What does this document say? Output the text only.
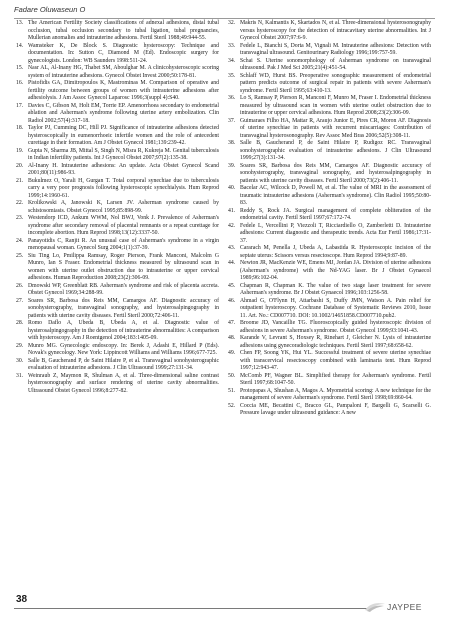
Fadare Oluwaseun O

13. The American Fertility Society classifications of adnexal adhesions, distal tubal occlusion, tubal occlusion secondary to tubal ligation, tubal pregnancies, Mullerian anomalies and intrauterine adhesions. Fertil Steril 1988;49:944-55.

14. Wamsteker K, De Block S. Diagnostic hysteroscopy: Technique and documentation. In: Sutton C, Diamond M (Ed). Endoscopic surgery for gynecologists. London: WB Saunders 1998:511-24.

15. Nasr AL, Al-Inany HG, Thabet SM, Aboulghar M. A clinicohysteroscopic scoring system of intrauterine adhesions. Gynecol Obstet Invest 2000;50:178-81.

16. Pistofidis GA, Dimitropoulos K, Mastrominas M. Comparison of operative and fertility outcome between groups of women with intrauterine adhesions after adhesiolysis. J Am Assoc Gynecol Laparosc 1996;3(suppl 4):S40.

17. Davies C, Gibson M, Holt EM, Torrie EP. Amenorrhoea secondary to endometrial ablation and Asherman's syndrome following uterine artery embolization. Clin Radiol 2002;57(4):317-18.

18. Taylor PJ, Cumming DC, Hill PJ. Significance of intrauterine adhesions detected hysteroscopically in eumenorrhoeic infertile women and the role of antecedent curettage in their formation. Am J Obstet Gynecol 1981;139:239-42.

19. Gupta N, Sharma JB, Mittal S, Singh N, Misra R, Kukreja M. Genital tuberculosis in Indian infertility patients. Int J Gynecol Obstet 2007;97(2):135-38.

20. Al-Inany H. Intrauterine adhesions: An update. Acta Obstet Gynecol Scand 2001;80(11):986-93.

21. Bukulmez O, Yarali H, Gurgan T. Total corporal synechiae due to tuberculosis carry a very poor prognosis following hysteroscopic synechialysis. Hum Reprod 1999;14:1960-61.

22. Krolikowski A, Janowski K, Larsen JV. Asherman syndrome caused by schistosomiasis. Obstet Gynecol 1995;85:898-99.

23. Westendorp ICD, Ankum WWM, Nol BWJ, Vonk J. Prevalence of Asherman's syndrome after secondary removal of placental remnants or a repeat curettage for incomplete abortion. Hum Reprod 1998;13(12):3337-50.

24. Panayotidis C, Ranjit R. An unusual case of Asherman's syndrome in a virgin menopausal woman. Gynecol Surg 2004;1(1):37-39.

25. Siu Ting Lo, Pmilippa Ramsay, Roger Pierson, Frank Manconi, Malcolm G Munro, Ian S Fraser. Endometrial thickness measured by ultrasound scan in women with uterine outlet obstruction due to intrauterine or upper cervical adhesions. Human Reproduction 2008;23(2):306-09.

26. Dmowski WP, Greenblatt RB. Asherman's syndrome and risk of placenta accreta. Obstet Gynecol 1969;34:288-99.

27. Soares SR, Barbosa dos Reis MM, Camargos AF. Diagnostic accuracy of sonohysterography, transvaginal sonography, and hysterosalpingography in patients with uterine cavity diseases. Fertil Steril 2000;72:406-11.

28. Romo Daflo A, Ubeda B, Ubeda A, et al. Diagnostic value of hysterosalpingography in the detection of intrauterine abnormalities: A comparison with hysteroscopy. Am J Roentgenol 2004;183:1405-09.

29. Munro MG. Gynecologic endoscopy. In: Berek J, Adashi E, Hillard P (Eds). Novak's gynecology. New York: Lippincott Williams and Williams 1996;677-725.

30. Salle B, Gaucherand P, de Saint Hilaire P, et al. Transvaginal sonohysterographic evaluation of intrauterine adhesions. J Clin Ultrasound 1999;27:131-34.

31. Weinraub Z, Maymon R, Shulman A, et al. Three-dimensional saline contrast hysterosonography and surface rendering of uterine cavity abnormalities. Ultrasound Obstet Gynecol 1996;8:277-82.

32. Makris N, Kalmantis K, Skartados N, et al. Three-dimensional hysterosonography versus hysteroscopy for the detection of intracavitary uterine abnormalities. Int J Gynecol Obstet 2007;97:6-9.

33. Fedele L, Bianchi S, Dorta M, Vignali M. Intrauterine adhesions: Detection with transvaginal ultrasound. Genitourinary Radiology 1996;199:757-59.

34. Schai S. Uterine sonomorphology of Asherman syndrome on transvaginal ultrasound. Pak J Med Sci 2005;21(4):451-54.

35. Schlaff WD, Hurst BS. Preoperative sonographic measurement of endometrial pattern predicts outcome of surgical repair in patients with severe Asherman's syndrome. Fertil Steril 1995;63:410-13.

36. Lo S, Ramsay P, Pierson R, Manconi F, Munro M, Fraser I. Endometrial thickness measured by ultrasound scan in women with uterine outlet obstruction due to intrauterine or upper cervical adhesions. Hum Reprod 2008;23(2):306-09.

37. Guimaraes Filho HA, Mattar R, Araujo Junior E, Pires CR, Moron AF. Diagnosis of uterine synechiae in patients with recurrent miscarriages: Contribution of transvaginal hysterosonography. Rev Assoc Med Bras 2006;52(5):308-11.

38. Salle B, Gaucherand P, de Saint Hilaire P, Rudigoz RC. Transvaginal sonohysterographic evaluation of intrauterine adhesions. J Clin Ultrasound 1999;27(3):131-34.

39. Soares SR, Barbosa dos Reis MM, Camargos AF. Diagnostic accuracy of sonohysterography, transvaginal sonography, and hysterosalpingography in patients with uterine cavity diseases. Fertil Steril 2000;73(2):406-11.

40. Bacelar AC, Wilcock D, Powell M, et al. The value of MRI in the assessment of traumatic intrauterine adhesions (Asherman's syndrome). Clin Radiol 1995;50:80-83.

41. Reddy S, Rock JA. Surgical management of complete obliteration of the endometrial cavity. Fertil Steril 1997;67:172-74.

42. Fedele L, Vercellini P, Viezzoli T, Ricciardiello O, Zamberletti D. Intrauterine adhesions: Current diagnostic and therapeutic trends. Acta Eur Fertil 1986;17:31-37.

43. Cararach M, Penella J, Ubeda A, Labastida R. Hysteroscopic incision of the septate uterus: Scissors versus resectoscope. Hum Reprod 1994;9:87-89.

44. Newton JR, MacKenzie WE, Emens MJ, Jordan JA. Division of uterine adhesions (Asherman's syndrome) with the Nd-YAG laser. Br J Obstet Gynaecol 1989;96:102-04.

45. Chapman R, Chapman K. The value of two stage laser treatment for severe Asherman's syndrome. Br J Obstet Gynaecol 1996;103:1256-58.

46. Ahmad G, O'Flynn H, Attarbashi S, Duffy JMN, Watson A. Pain relief for outpatient hysteroscopy. Cochrane Database of Systematic Reviews 2010, Issue 11. Art. No.: CD007710. DOI: 10.1002/14651858.CD007710.pub2.

47. Broome JD, Vancaillie TG. Fluoroscopically guided hysteroscopic division of adhesions in severe Asherman's syndrome. Obstet Gynecol 1999;93:1041-43.

48. Karande V, Levrant S, Hoxsey R, Rinehart J, Gleicher N. Lysis of intrauterine adhesions using gynecoradiologic techniques. Fertil Steril 1997;68:658-62.

49. Chen FP, Soong YK, Hui YL. Successful treatment of severe uterine synechiae with transcervical resectoscopy combined with laminaria tent. Hum Reprod 1997;12:943-47.

50. McComb PF, Wagner BL. Simplified therapy for Asherman's syndrome. Fertil Steril 1997;68:1047-50.

51. Protopapas A, Shushan A, Magos A. Myometrial scoring: A new technique for the management of severe Asherman's syndrome. Fertil Steril 1998;69:860-64.

52. Coccia ME, Becattini C, Bracco GL, Pampaloni F, Bargelli G, Scarselli G. Pressure lavage under ultrasound guidance: A new

38
JAYPEE
